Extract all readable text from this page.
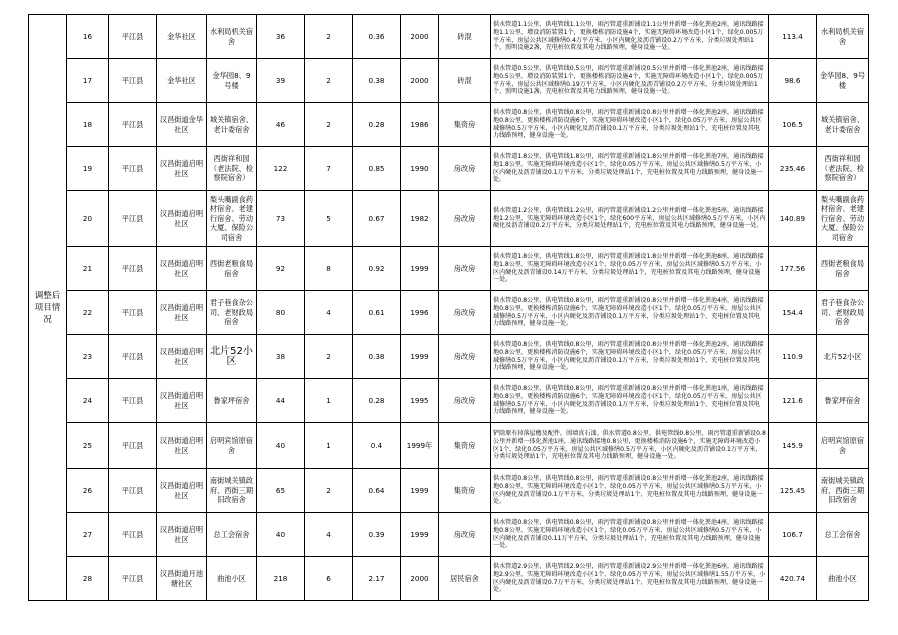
调整后项目情况	16	平江县	金华社区	水利局机关宿舍	36	2	0.36	2000	砖混	供水管道1.1公里，供电管线1.1公里，雨污管道重新铺设1.1公里并新增一体化粪池2座，通讯线路接地1.1公里，增设消防装置1个，更换楼栋消防设施4个，实施无障碍环境改造小区1个，绿化0.005万平方米，房屋公共区域修缮0.4万平方米，小区内硬化及沥青铺设0.2万平方米，分类垃圾处理站1个，照明设施2盏，充电桩位置及其电力线路预埋，健身设施一处。	113.4	水利局机关宿舍
	17	平江县	金华社区	金华园8、9号楼	39	2	0.38	2000	砖混	供水管道0.5公里，供电管线0.5公里，雨污管道重新铺设0.5公里并新增一体化粪池2座，通讯线路接地0.5公里，增设消防装置1个，更换楼栋消防设施4个，实施无障碍环境改造小区1个，绿化0.005万平方米，房屋公共区域修缮0.19万平方米，小区内硬化及沥青铺设0.2万平方米，分类垃圾处理站1个，照明设施1盏，充电桩位置及其电力线路预埋，健身设施一处。	98.6	金华园8、9号楼
	18	平江县	汉昌街道金华社区	城关镇宿舍、老计委宿舍	46	2	0.28	1986	集资房	供水管道0.8公里，供电管线0.8公里，雨污管道重新铺设0.8公里并新增一体化粪池2座，通讯线路接地0.8公里，更换楼栋消防设施6个，实施无障碍环境改造小区1个，绿化0.05万平方米，房屋公共区域修缮0.5万平方米，小区内硬化及沥青铺设0.1万平方米，分类垃圾处理站1个，充电桩位置及其电力线路预埋，健身设施一处。	106.5	城关镇宿舍、老计委宿舍
	19	平江县	汉昌街道启明社区	西街祥和园（老法院、检察院宿舍）	122	7	0.85	1990	房改房	供水管道1.8公里，供电管线1.8公里，雨污管道重新铺设1.8公里并新增一体化粪池7座，通讯线路接地1.8公里，实施无障碍环境改造小区1个，绿化0.05万平方米，房屋公共区域修缮0.5万平方米，小区内硬化及沥青铺设0.1万平方米，分类垃圾处理站1个，充电桩位置及其电力线路预埋，健身设施一处。	235.46	西街祥和园（老法院、检察院宿舍）
	20	平江县	汉昌街道启明社区	梨头嘴副食药材宿舍、老建行宿舍、劳动大厦、保险公司宿舍	73	5	0.67	1982	房改房	供水管道1.2公里，供电管线1.2公里，雨污管道重新铺设1.2公里并新增一体化粪池5座，通讯线路接地1.2公里，实施无障碍环境改造小区1个，绿化600平方米，房屋公共区域修缮0.5万平方米，小区内硬化及沥青铺设0.2万平方米，分类垃圾处理站1个，充电桩位置及其电力线路预埋，健身设施一处。	140.89	梨头嘴副食药材宿舍、老建行宿舍、劳动大厦、保险公司宿舍
	21	平江县	汉昌街道启明社区	西街老粮食局宿舍	92	8	0.92	1999	房改房	供水管道1.8公里，供电管线1.8公里，雨污管道重新铺设1.8公里并新增一体化粪池8座，通讯线路接地1.8公里，实施无障碍环境改造小区1个，绿化0.05万平方米，房屋公共区域修缮0.5万平方米，小区内硬化及沥青铺设0.14万平方米，分类垃圾处理站1个，充电桩位置及其电力线路预埋，健身设施一处。	177.56	西街老粮食局宿舍
	22	平江县	汉昌街道启明社区	君子巷食杂公司、老财政局宿舍	80	4	0.61	1996	房改房	供水管道0.8公里，供电管线0.8公里，雨污管道重新铺设0.8公里并新增一体化粪池4座，通讯线路接地0.8公里，更换楼栋消防设施6个，实施无障碍环境改造小区1个，绿化0.05万平方米，房屋公共区域修缮0.5万平方米，小区内硬化及沥青铺设0.1万平方米，分类垃圾处理站1个，充电桩位置及其电力线路预埋，健身设施一处。	154.4	君子巷食杂公司、老财政局宿舍
	23	平江县	汉昌街道启明社区	北片52小区	38	2	0.38	1999	房改房	供水管道0.8公里，供电管线0.8公里，雨污管道重新铺设0.8公里并新增一体化粪池2座，通讯线路接地0.8公里，更换楼栋消防设施6个，实施无障碍环境改造小区1个，绿化0.05万平方米，房屋公共区域修缮0.5万平方米，小区内硬化及沥青铺设0.1万平方米，分类垃圾处理站1个，充电桩位置及其电力线路预埋，健身设施一处。	110.9	北片52小区
	24	平江县	汉昌街道启明社区	鲁家坪宿舍	44	1	0.28	1995	房改房	供水管道0.8公里，供电管线0.8公里，雨污管道重新铺设0.8公里并新增一体化粪池1座，通讯线路接地0.8公里，更换楼栋消防设施6个，实施无障碍环境改造小区1个，绿化0.05万平方米，房屋公共区域修缮0.5万平方米，小区内硬化及沥青铺设0.1万平方米，分类垃圾处理站1个，充电桩位置及其电力线路预埋，健身设施一处。	121.6	鲁家坪宿舍
	25	平江县	汉昌街道启明社区	启明宾馆原宿舍	40	1	0.4	1999年	集资房	铲除原有掉落屋檐及配件，围墙真石漆。供水管道0.8公里，供电管线0.8公里，雨污管道重新铺设0.8公里并新增一体化粪池1座，通讯线路接地0.8公里，更换楼栋消防设施6个，实施无障碍环境改造小区1个，绿化0.05万平方米，房屋公共区域修缮0.5万平方米，小区内硬化及沥青铺设0.1万平方米，分类垃圾处理站1个，充电桩位置及其电力线路预埋，健身设施一处。	145.9	启明宾馆原宿舍
	26	平江县	汉昌街道启明社区	南街城关镇政府、西街三期旧改宿舍	65	2	0.64	1999	集资房	供水管道0.8公里，供电管线0.8公里，雨污管道重新铺设0.8公里并新增一体化粪池2座，通讯线路接地0.8公里，实施无障碍环境改造小区1个，绿化0.05万平方米，房屋公共区域修缮0.5万平方米，小区内硬化及沥青铺设0.1万平方米，分类垃圾处理站1个，充电桩位置及其电力线路预埋，健身设施一处。	125.45	南街城关镇政府、西街三期旧改宿舍
	27	平江县	汉昌街道启明社区	总工会宿舍	40	4	0.39	1999	房改房	供水管道0.8公里，供电管线0.8公里，雨污管道重新铺设0.8公里并新增一体化粪池4座，通讯线路接地0.8公里，实施无障碍环境改造小区1个，绿化0.05万平方米，房屋公共区域修缮0.5万平方米，小区内硬化及沥青铺设0.11万平方米，分类垃圾处理站1个，充电桩位置及其电力线路预埋，健身设施一处。	106.7	总工会宿舍
	28	平江县	汉昌街道月池塘社区	曲池小区	218	6	2.17	2000	居民宿舍	供水管道2.9公里，供电管线2.9公里，雨污管道重新铺设2.9公里并新增一体化粪池6座，通讯线路接地2.9公里，实施无障碍环境改造小区1个，绿化0.05万平方米，房屋公共区域修缮1.55万平方米，小区内硬化及沥青铺设0.7万平方米，分类垃圾处理站1个，充电桩位置及其电力线路预埋，健身设施一处。	420.74	曲池小区
